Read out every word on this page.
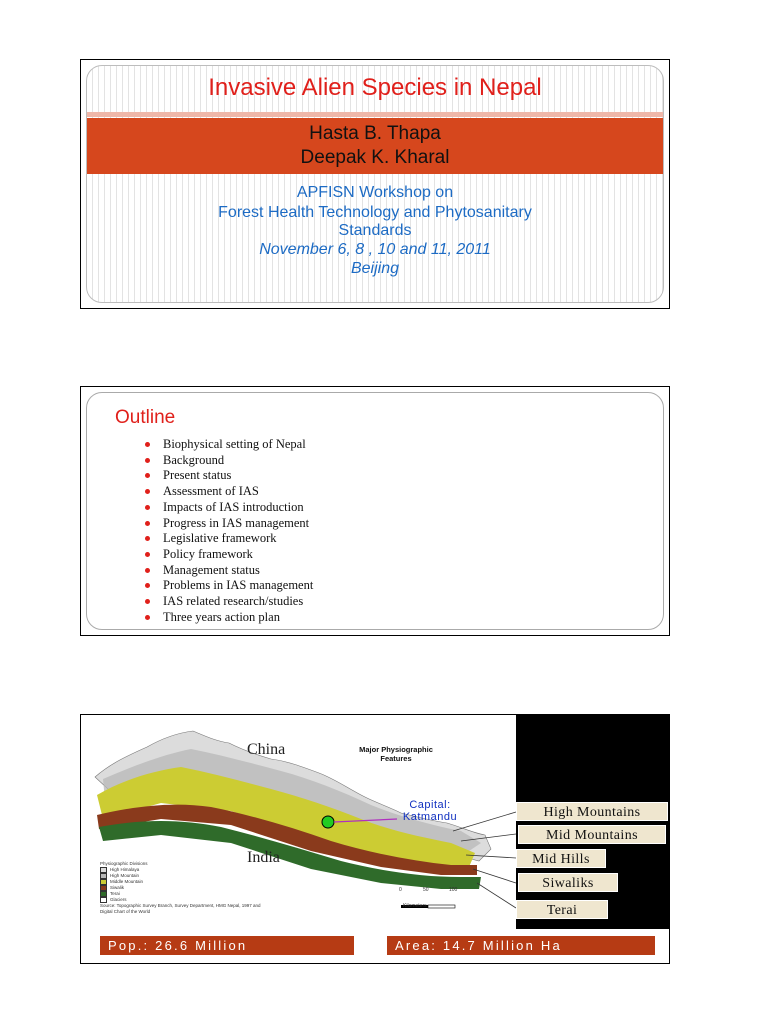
Invasive Alien Species in Nepal
Hasta B. Thapa
Deepak K. Kharal
APFISN Workshop on
Forest Health Technology and Phytosanitary
Standards
November 6, 8 , 10 and 11, 2011
Beijing
Outline
Biophysical setting of Nepal
Background
Present status
Assessment of IAS
Impacts of IAS introduction
Progress in IAS management
Legislative framework
Policy framework
Management status
Problems in IAS management
IAS related research/studies
Three years action plan
China
India
Major Physiographic
Features
Capital:
Katmandu	High Mountains
Mid Mountains
Mid Hills
Siwaliks
Terai
Physiographic Divisions
High Himalaya
High Mountain
Middle Mountain
Siwalik
Terai
Glaciers
Source: Topographic Survey Branch, Survey Department, HMG Nepal, 1997 and Digital Chart of the World
0	50	100
Kilometers
Pop.: 26.6 Million	Area: 14.7 Million Ha
